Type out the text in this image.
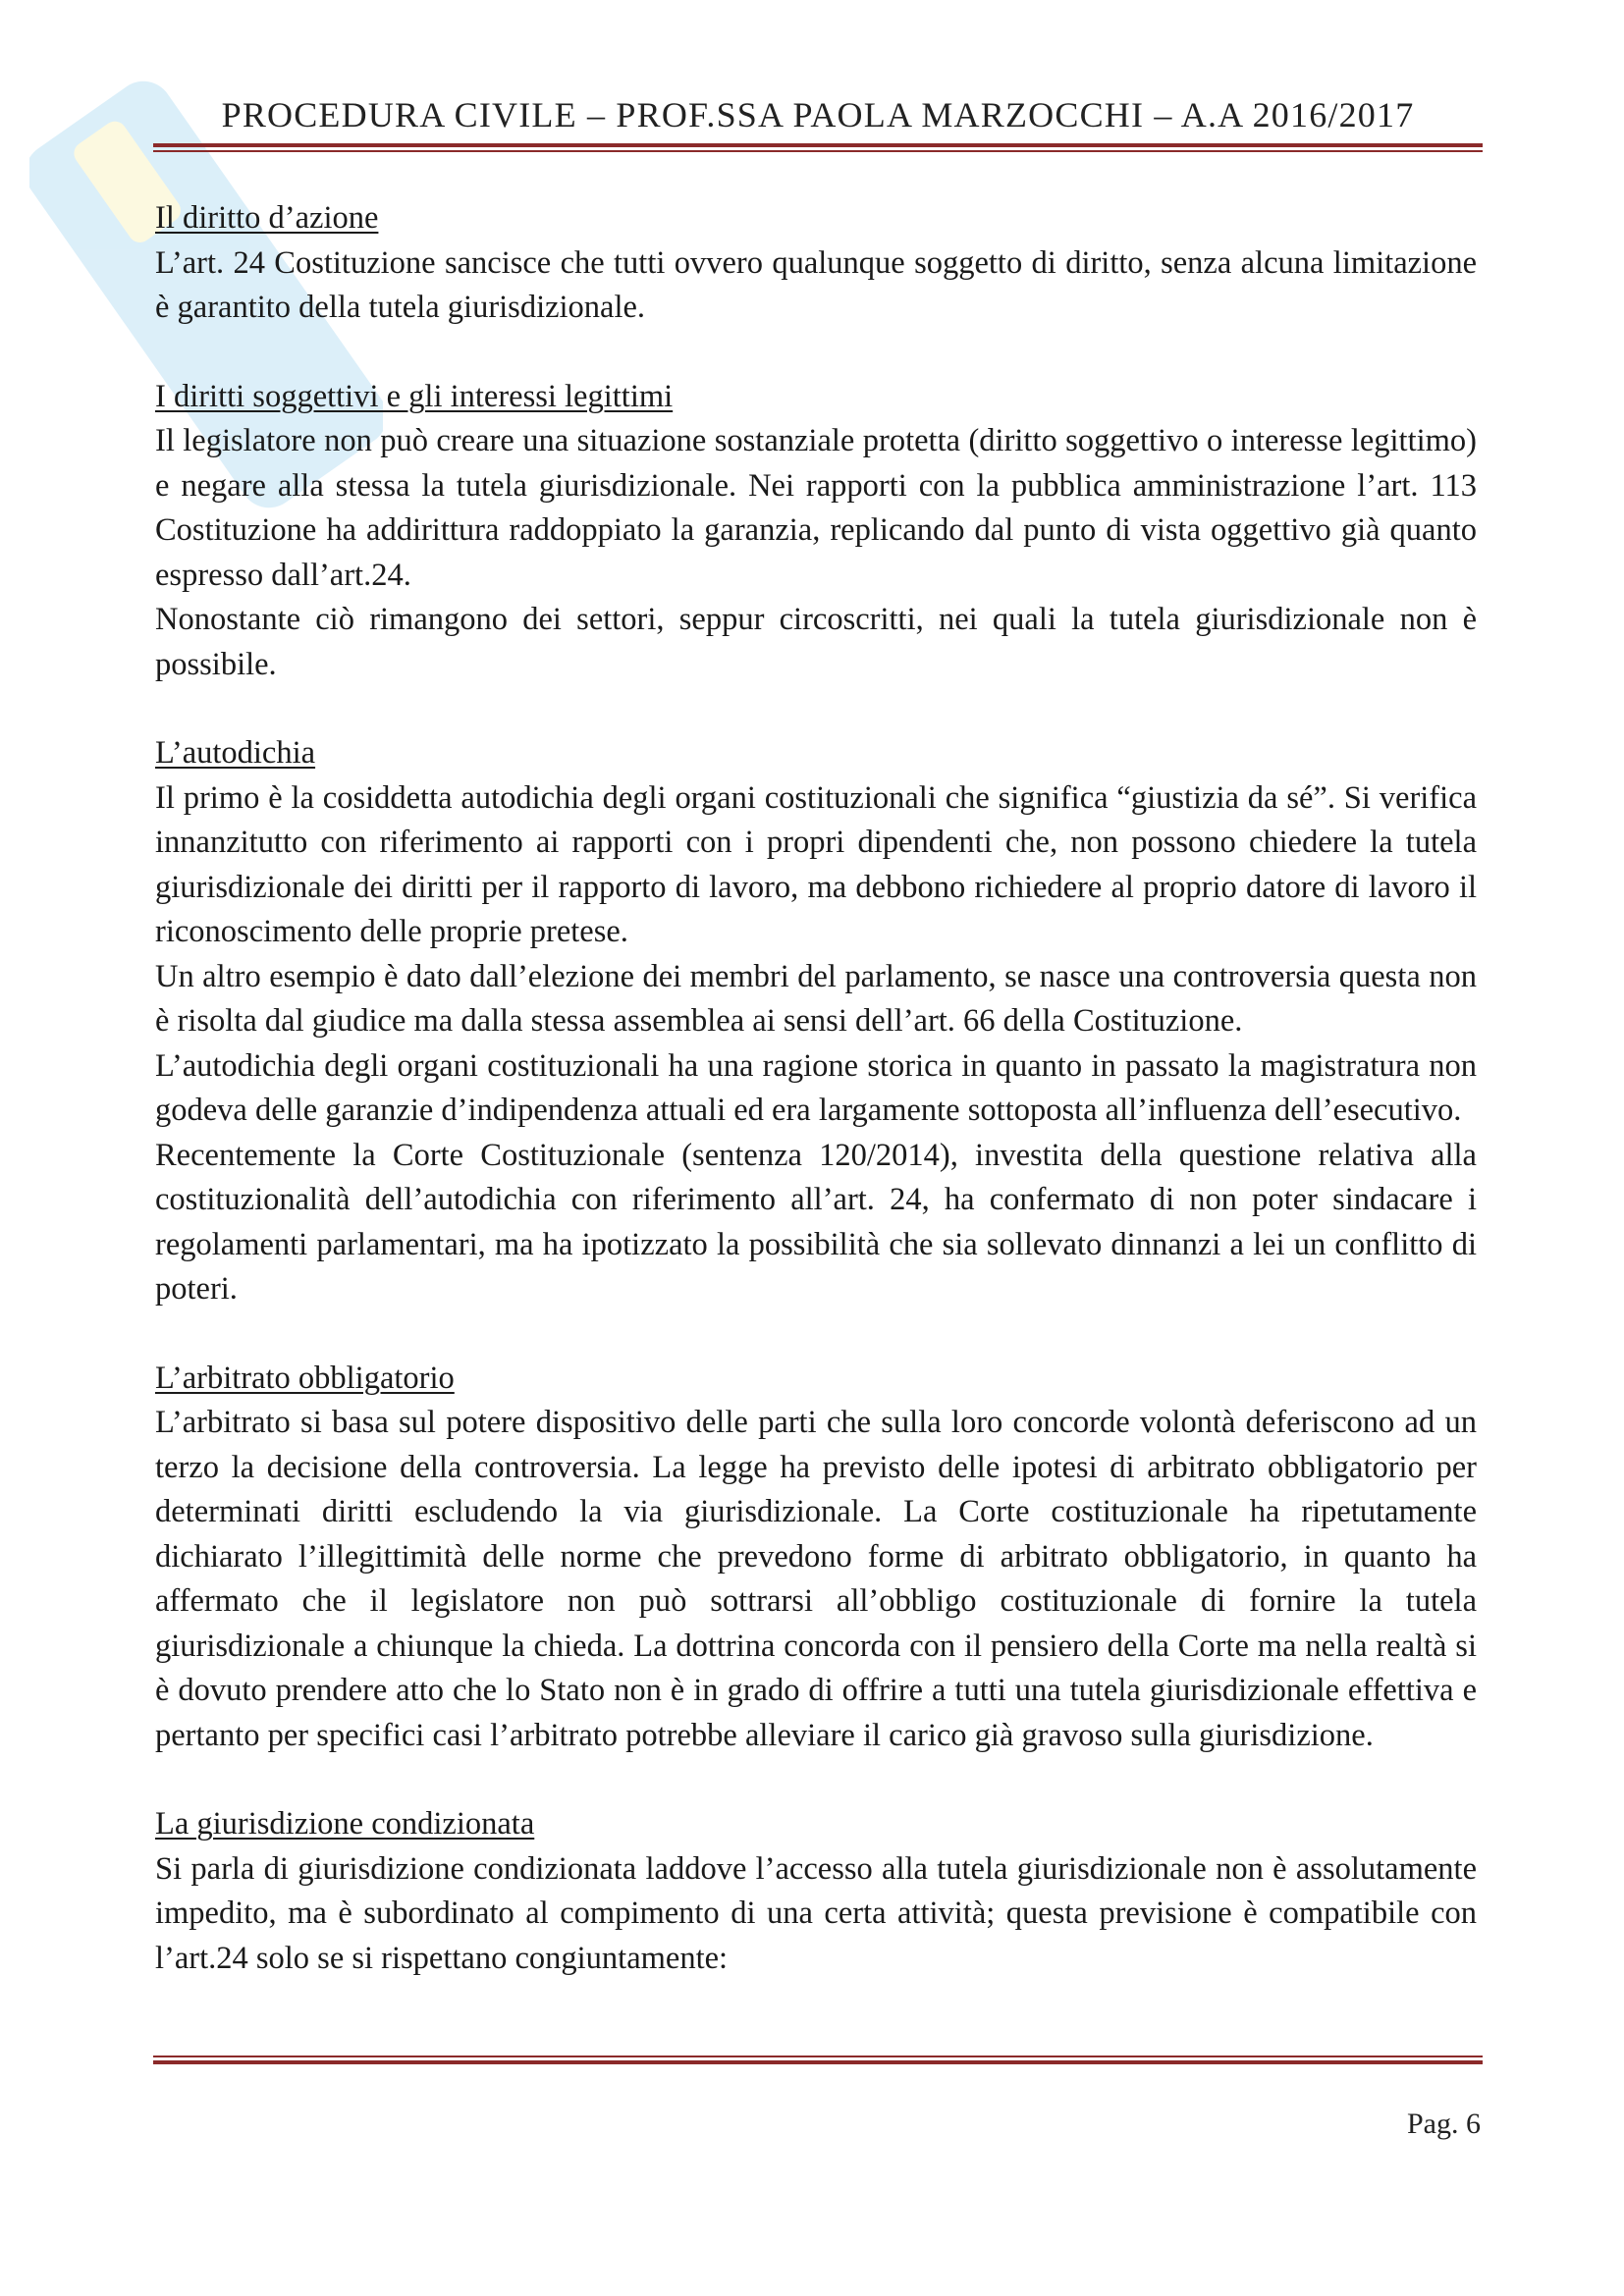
PROCEDURA CIVILE – PROF.SSA PAOLA MARZOCCHI – A.A 2016/2017
Il diritto d’azione

L’art. 24 Costituzione sancisce che tutti ovvero qualunque soggetto di diritto, senza alcuna limitazione è garantito della tutela giurisdizionale.

I diritti soggettivi e gli interessi legittimi

Il legislatore non può creare una situazione sostanziale protetta (diritto soggettivo o interesse legittimo) e negare alla stessa la tutela giurisdizionale. Nei rapporti con la pubblica amministrazione l’art. 113 Costituzione ha addirittura raddoppiato la garanzia, replicando dal punto di vista oggettivo già quanto espresso dall’art.24.

Nonostante ciò rimangono dei settori, seppur circoscritti, nei quali la tutela giurisdizionale non è possibile.

L’autodichia

Il primo è la cosiddetta autodichia degli organi costituzionali che significa “giustizia da sé”. Si verifica innanzitutto con riferimento ai rapporti con i propri dipendenti che, non possono chiedere la tutela giurisdizionale dei diritti per il rapporto di lavoro, ma debbono richiedere al proprio datore di lavoro il riconoscimento delle proprie pretese.

Un altro esempio è dato dall’elezione dei membri del parlamento, se nasce una controversia questa non è risolta dal giudice ma dalla stessa assemblea ai sensi dell’art. 66 della Costituzione.

L’autodichia degli organi costituzionali ha una ragione storica in quanto in passato la magistratura non godeva delle garanzie d’indipendenza attuali ed era largamente sottoposta all’influenza dell’esecutivo.

Recentemente la Corte Costituzionale (sentenza 120/2014), investita della questione relativa alla costituzionalità dell’autodichia con riferimento all’art. 24, ha confermato di non poter sindacare i regolamenti parlamentari, ma ha ipotizzato la possibilità che sia sollevato dinnanzi a lei un conflitto di poteri.

L’arbitrato obbligatorio

L’arbitrato si basa sul potere dispositivo delle parti che sulla loro concorde volontà deferiscono ad un terzo la decisione della controversia. La legge ha previsto delle ipotesi di arbitrato obbligatorio per determinati diritti escludendo la via giurisdizionale. La Corte costituzionale ha ripetutamente dichiarato l’illegittimità delle norme che prevedono forme di arbitrato obbligatorio, in quanto ha affermato che il legislatore non può sottrarsi all’obbligo costituzionale di fornire la tutela giurisdizionale a chiunque la chieda. La dottrina concorda con il pensiero della Corte ma nella realtà si è dovuto prendere atto che lo Stato non è in grado di offrire a tutti una tutela giurisdizionale effettiva e pertanto per specifici casi l’arbitrato potrebbe alleviare il carico già gravoso sulla giurisdizione.

La giurisdizione condizionata

Si parla di giurisdizione condizionata laddove l’accesso alla tutela giurisdizionale non è assolutamente impedito, ma è subordinato al compimento di una certa attività; questa previsione è compatibile con l’art.24 solo se si rispettano congiuntamente:

Pag. 6
